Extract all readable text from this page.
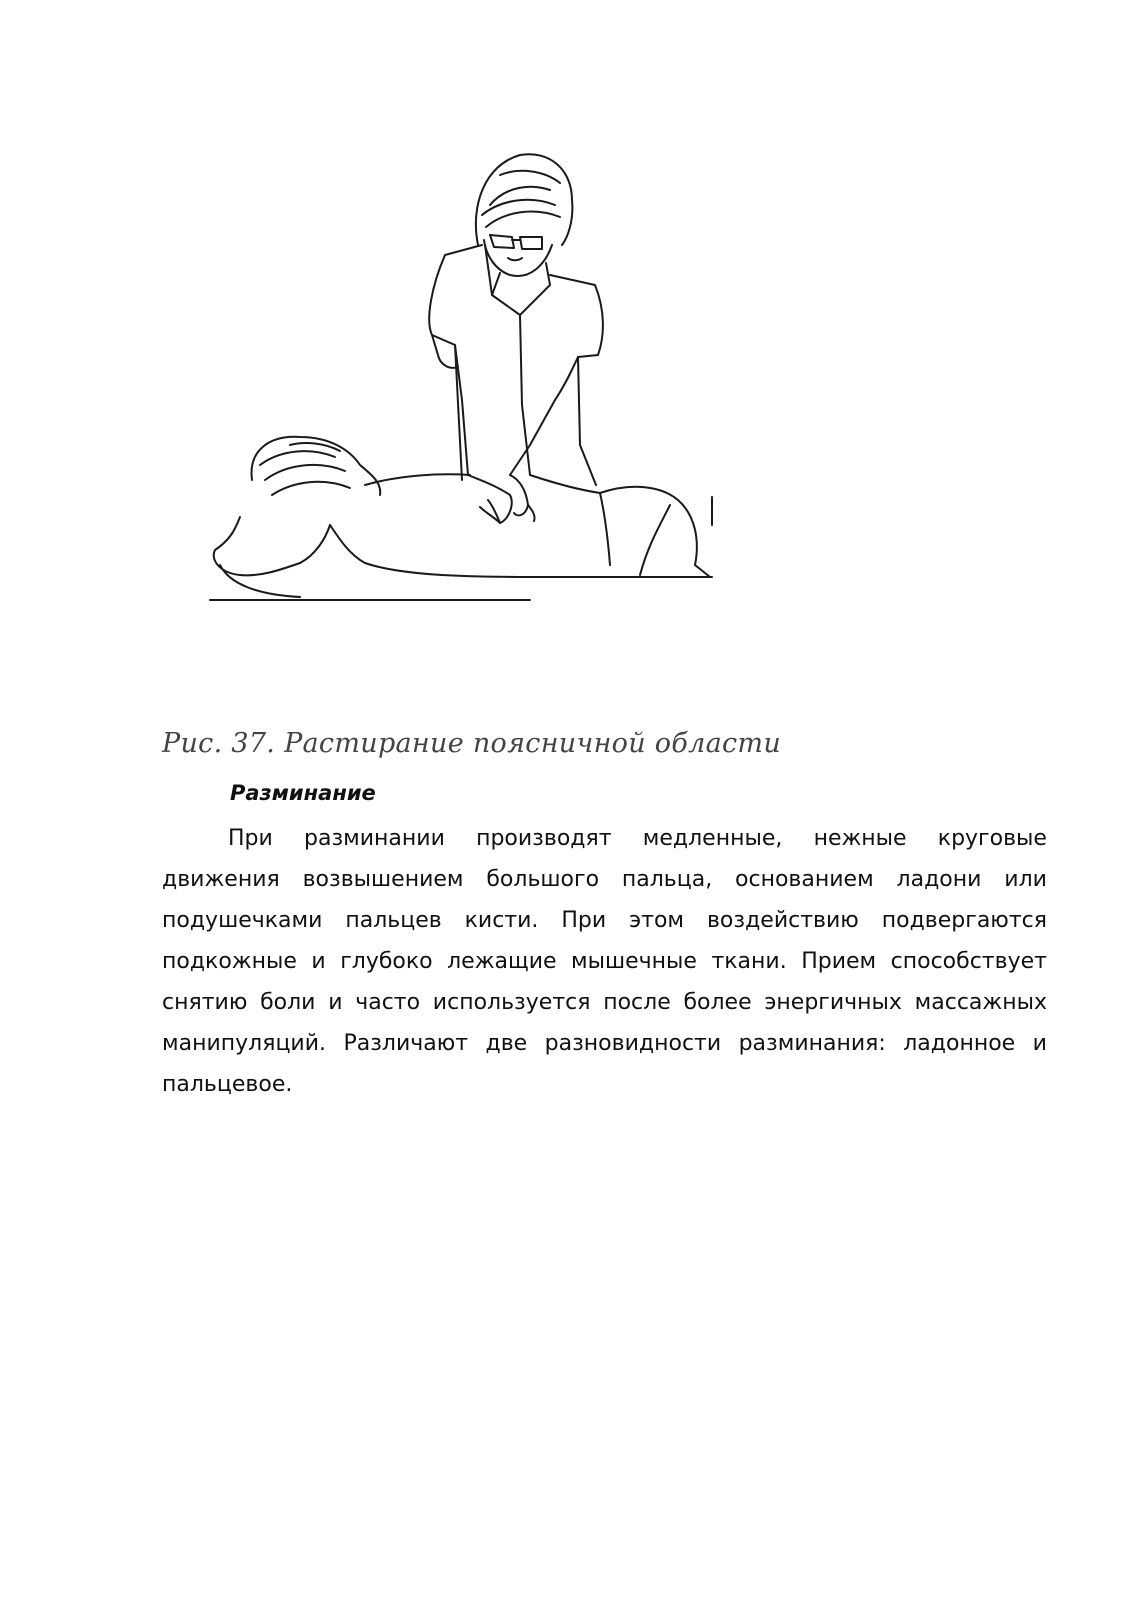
Рис. 37. Растирание поясничной области
Разминание
При разминании производят медленные, нежные круговые
движения возвышением большого пальца, основанием ладони или
подушечками пальцев кисти. При этом воздействию подвергаются
подкожные и глубоко лежащие мышечные ткани. Прием способствует
снятию боли и часто используется после более энергичных массажных
манипуляций. Различают две разновидности разминания: ладонное и
пальцевое.
